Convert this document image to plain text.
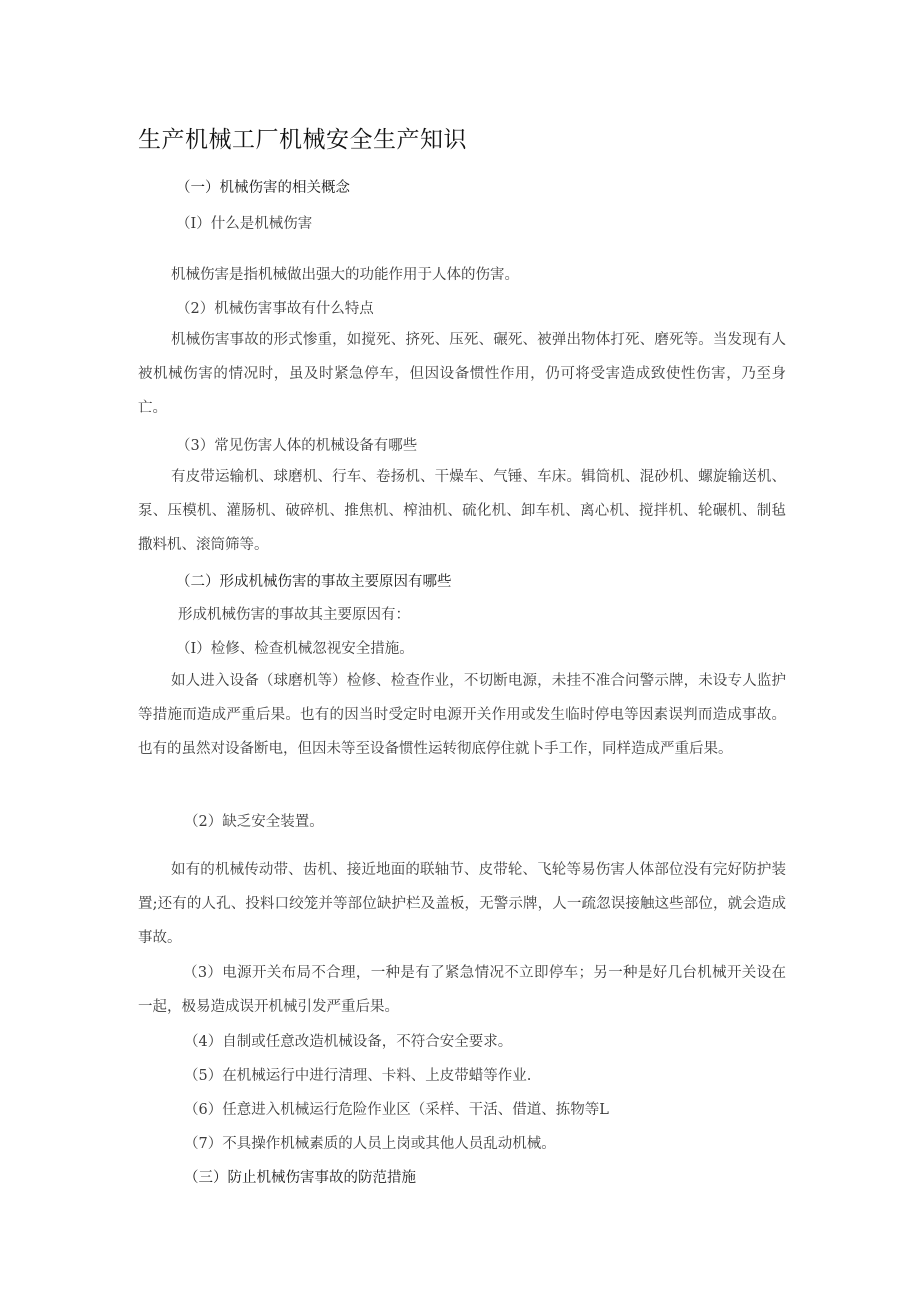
生产机械工厂机械安全生产知识
（一）机械伤害的相关概念
（I）什么是机械伤害
机械伤害是指机械做出强大的功能作用于人体的伤害。
（2）机械伤害事故有什么特点

机械伤害事故的形式惨重，如搅死、挤死、压死、碾死、被弹出物体打死、磨死等。当发现有人被机械伤害的情况时，虽及时紧急停车，但因设备惯性作用，仍可将受害造成致使性伤害，乃至身亡。

（3）常见伤害人体的机械设备有哪些

有皮带运输机、球磨机、行车、卷扬机、干燥车、气锤、车床。辑筒机、混砂机、螺旋输送机、泵、压模机、灌肠机、破碎机、推焦机、榨油机、硫化机、卸车机、离心机、搅拌机、轮碾机、制毡撒料机、滚筒筛等。

（二）形成机械伤害的事故主要原因有哪些
形成机械伤害的事故其主要原因有：
（I）检修、检查机械忽视安全措施。

如人进入设备（球磨机等）检修、检查作业，不切断电源，未挂不准合问警示牌，未设专人监护等措施而造成严重后果。也有的因当时受定时电源开关作用或发生临时停电等因素误判而造成事故。也有的虽然对设备断电，但因未等至设备惯性运转彻底停住就卜手工作，同样造成严重后果。

（2）缺乏安全装置。

如有的机械传动带、齿机、接近地面的联轴节、皮带轮、飞轮等易伤害人体部位没有完好防护装置;还有的人孔、投料口绞笼并等部位缺护栏及盖板，无警示牌，人一疏忽误接触这些部位，就会造成事故。

（3）电源开关布局不合理，一种是有了紧急情况不立即停车；另一种是好几台机械开关设在一起，极易造成误开机械引发严重后果。

（4）自制或任意改造机械设备，不符合安全要求。
（5）在机械运行中进行清理、卡料、上皮带蜡等作业.
（6）任意进入机械运行危险作业区（采样、干活、借道、拣物等L
（7）不具操作机械素质的人员上岗或其他人员乱动机械。
（三）防止机械伤害事故的防范措施
